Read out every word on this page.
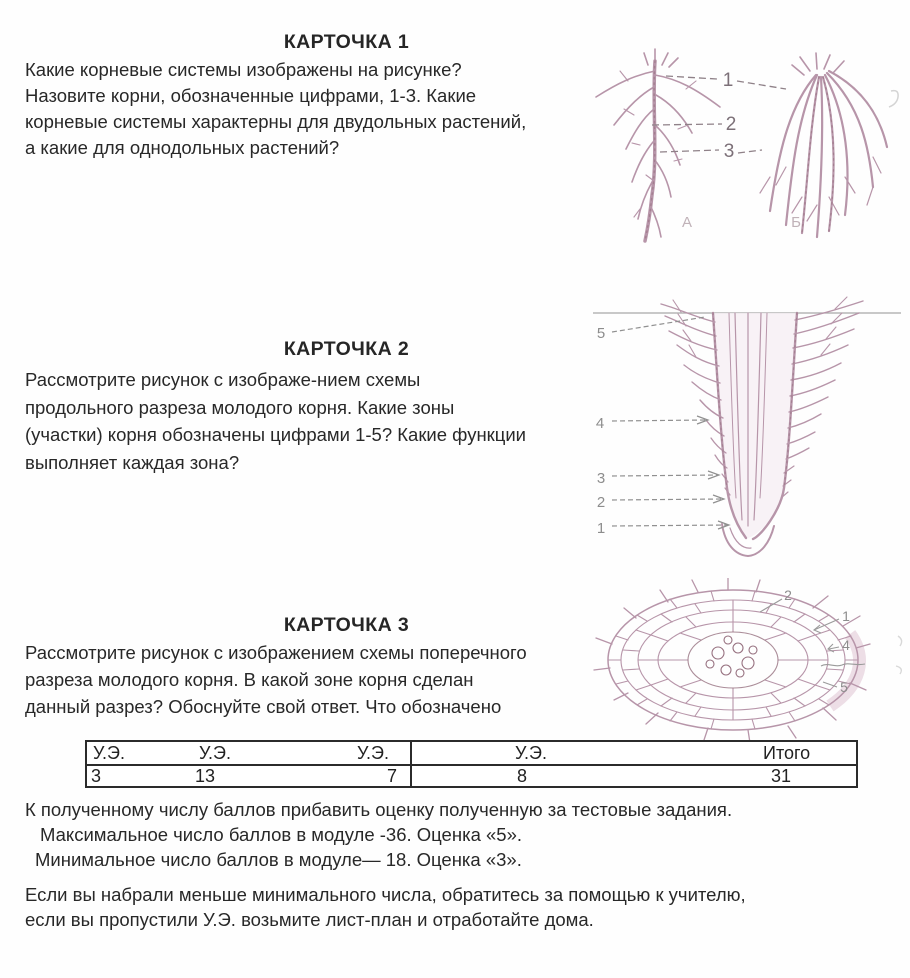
КАРТОЧКА 1
Какие корневые системы изображены на рисунке?
Назовите корни, обозначенные цифрами, 1-3. Какие
корневые системы характерны для двудольных растений,
а какие для однодольных растений?
1
2
3
А	Б
КАРТОЧКА 2
Рассмотрите рисунок с изображе-нием схемы
продольного разреза молодого корня. Какие зоны
(участки) корня обозначены цифрами 1-5? Какие функции
выполняет каждая зона?
5
4
3
2
1
КАРТОЧКА 3
Рассмотрите рисунок с изображением схемы поперечного
разреза молодого корня. В какой зоне корня сделан
данный разрез? Обоснуйте свой ответ. Что обозначено
2
1
4
5
У.Э.	У.Э.	У.Э.	У.Э.	Итого
3	13	7	8	31
К полученному числу баллов прибавить оценку полученную за тестовые задания.
Максимальное число баллов в модуле -36. Оценка «5».
Минимальное число баллов в модуле— 18. Оценка «3».
Если вы набрали меньше минимального числа, обратитесь за помощью к учителю,
если вы пропустили У.Э. возьмите лист-план и отработайте дома.
